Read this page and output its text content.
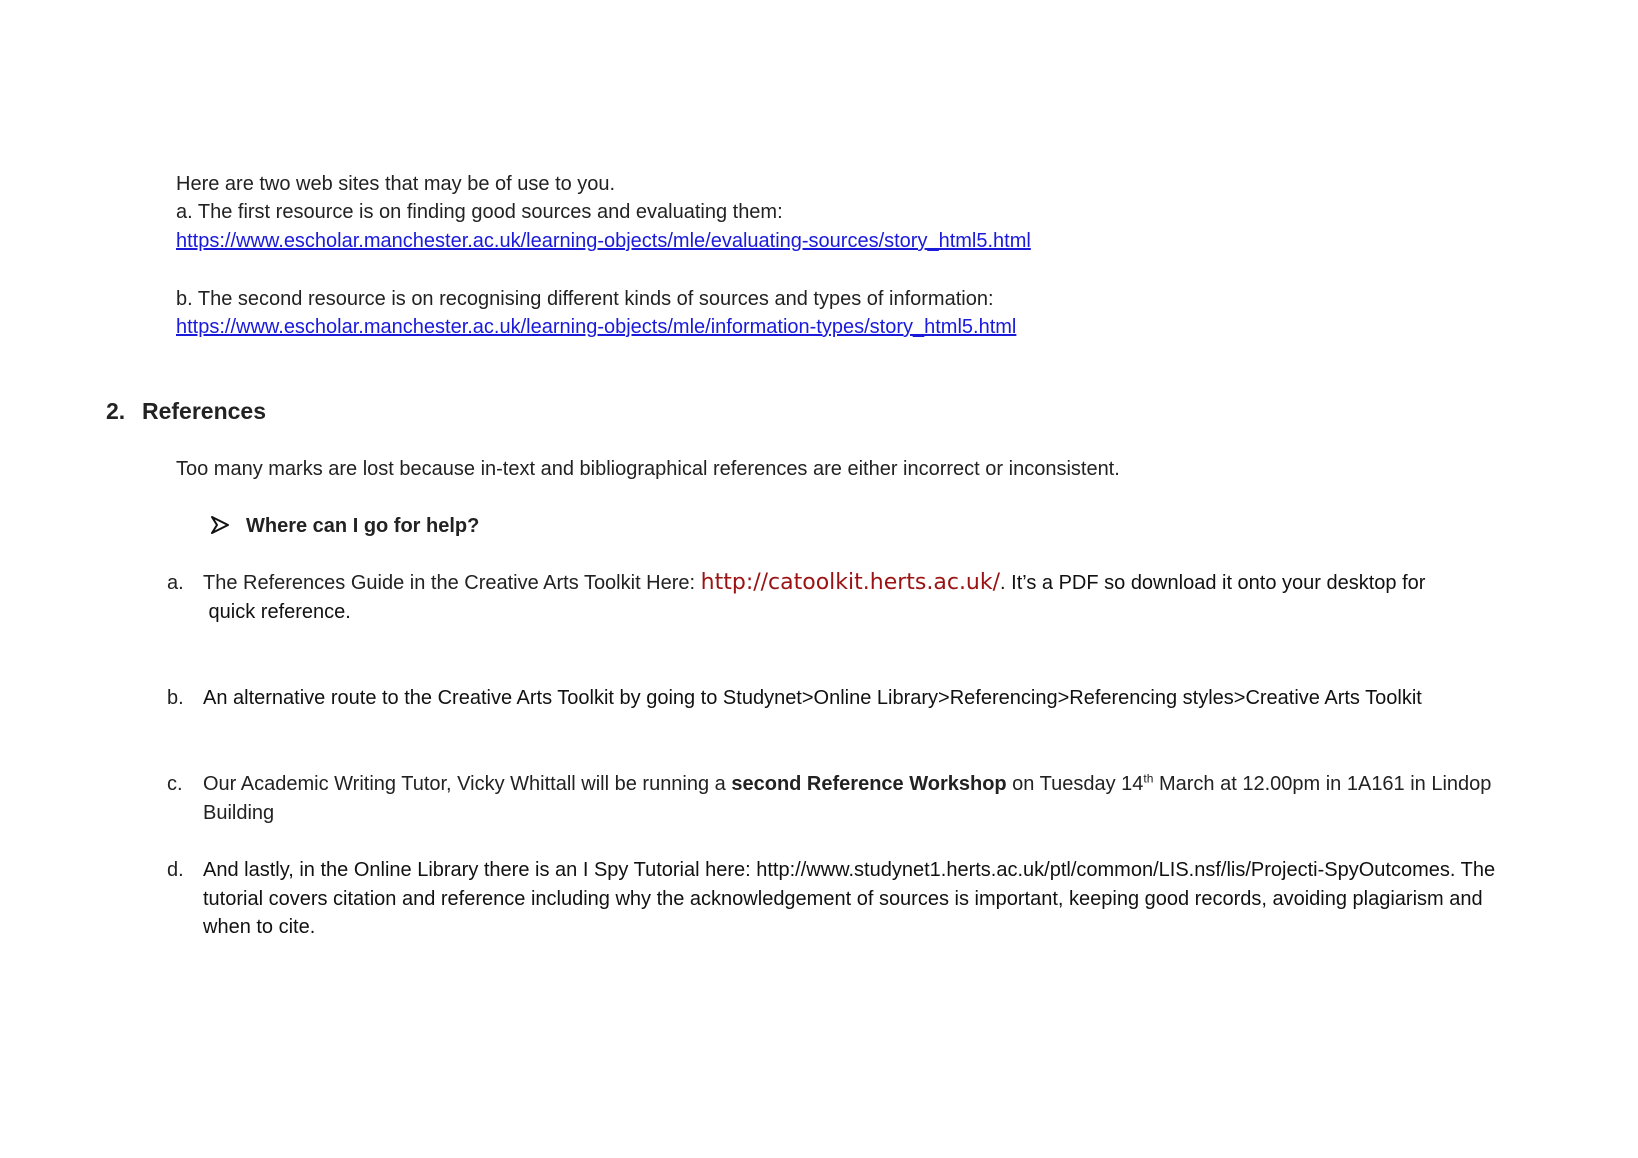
Here are two web sites that may be of use to you.
a. The first resource is on finding good sources and evaluating them:
https://www.escholar.manchester.ac.uk/learning-objects/mle/evaluating-sources/story_html5.html
b. The second resource is on recognising different kinds of sources and types of information:
https://www.escholar.manchester.ac.uk/learning-objects/mle/information-types/story_html5.html
2. References
Too many marks are lost because in-text and bibliographical references are either incorrect or inconsistent.
Where can I go for help?
a. The References Guide in the Creative Arts Toolkit Here: http://catoolkit.herts.ac.uk/. It’s a PDF so download it onto your desktop for
quick reference.
b. An alternative route to the Creative Arts Toolkit by going to Studynet>Online Library>Referencing>Referencing styles>Creative Arts Toolkit
c. Our Academic Writing Tutor, Vicky Whittall will be running a second Reference Workshop on Tuesday 14th March at 12.00pm in 1A161 in Lindop Building
d. And lastly, in the Online Library there is an I Spy Tutorial here: http://www.studynet1.herts.ac.uk/ptl/common/LIS.nsf/lis/Projecti-SpyOutcomes. The tutorial covers citation and reference including why the acknowledgement of sources is important, keeping good records, avoiding plagiarism and when to cite.
